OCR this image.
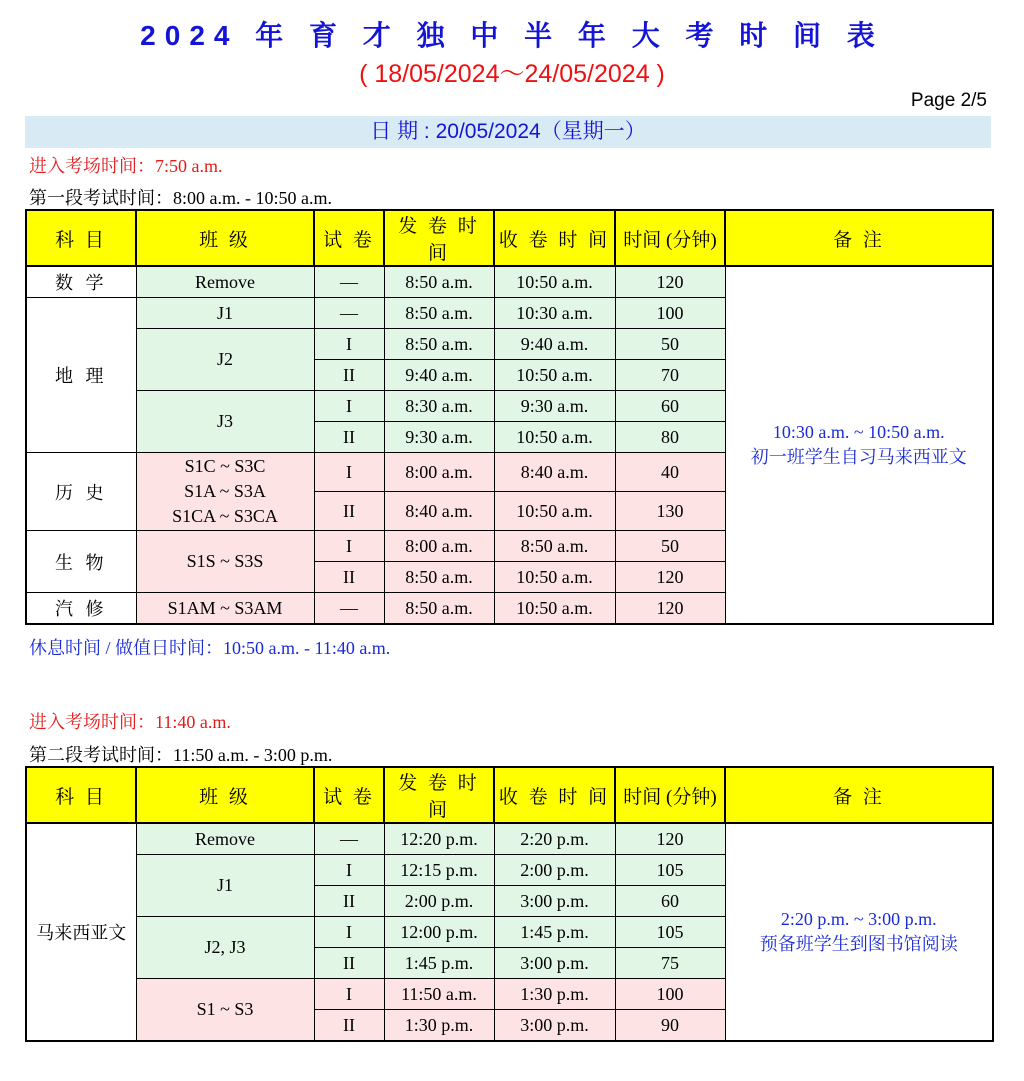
2024 年 育 才 独 中 半 年 大 考 时 间 表
( 18/05/2024～24/05/2024 )
Page 2/5
日 期 : 20/05/2024（星期一）
进入考场时间：7:50 a.m.
第一段考试时间：8:00 a.m. - 10:50 a.m.
科 目	班 级	试 卷	发 卷 时 间	收 卷 时 间	时间 (分钟)	备 注
数 学	Remove	—	8:50 a.m.	10:50 a.m.	120	10:30 a.m. ~ 10:50 a.m.
初一班学生自习马来西亚文

地 理	J1	—	8:50 a.m.	10:30 a.m.	100	
	J2	I	8:50 a.m.	9:40 a.m.	50	
		II	9:40 a.m.	10:50 a.m.	70	
	J3	I	8:30 a.m.	9:30 a.m.	60	
		II	9:30 a.m.	10:50 a.m.	80	
历 史	S1C ~ S3C
S1A ~ S3A
S1CA ~ S3CA	I	8:00 a.m.	8:40 a.m.	40	
		II	8:40 a.m.	10:50 a.m.	130	
生 物	S1S ~ S3S	I	8:00 a.m.	8:50 a.m.	50	
		II	8:50 a.m.	10:50 a.m.	120	
汽 修	S1AM ~ S3AM	—	8:50 a.m.	10:50 a.m.	120	
休息时间 / 做值日时间：10:50 a.m. - 11:40 a.m.
进入考场时间：11:40 a.m.
第二段考试时间：11:50 a.m. - 3:00 p.m.
科 目	班 级	试 卷	发 卷 时 间	收 卷 时 间	时间 (分钟)	备 注
马来西亚文	Remove	—	12:20 p.m.	2:20 p.m.	120	2:20 p.m. ~ 3:00 p.m.
预备班学生到图书馆阅读

	J1	I	12:15 p.m.	2:00 p.m.	105	
		II	2:00 p.m.	3:00 p.m.	60	
	J2, J3	I	12:00 p.m.	1:45 p.m.	105	
		II	1:45 p.m.	3:00 p.m.	75	
	S1 ~ S3	I	11:50 a.m.	1:30 p.m.	100	
		II	1:30 p.m.	3:00 p.m.	90	
